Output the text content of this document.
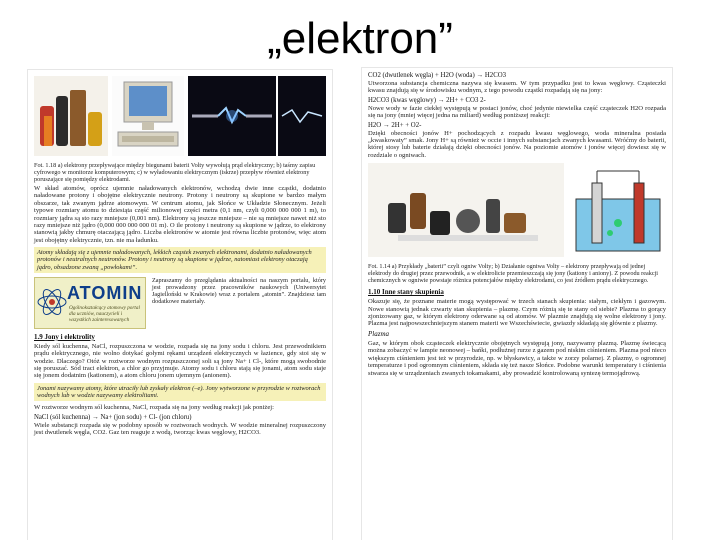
„elektron”
Fot. 1.18 a) elektrony przepływające między biegunami baterii Volty wywołują prąd elektryczny; b) taśmy zapisu cyfrowego w monitorze komputerowym; c) w wyładowaniu elektrycznym (iskrze) przepływ również elektrony poruszające się pomiędzy elektrodami.
W skład atomów, oprócz ujemnie naładowanych elektronów, wchodzą dwie inne cząstki, dodatnio naładowane protony i obojętne elektrycznie neutrony. Protony i neutrony są skupione w bardzo małym obszarze, tak zwanym jądrze atomowym. W centrum atomu, jak Słońce w Układzie Słonecznym. Jeżeli typowe rozmiary atomu to dziesiąta część milionowej części metra (0,1 nm, czyli 0,000 000 000 1 m), to rozmiary jądra są sto razy mniejsze (0,001 nm). Elektrony są jeszcze mniejsze – nie są mniejsze nawet niż sto razy mniejsze niż jądro (0,000 000 000 000 01 m). O ile protony i neutrony są skupione w jądrze, to elektrony stanowią jakby chmurę otaczającą jądro. Liczba elektronów w atomie jest równa liczbie protonów, więc atom jest obojętny elektrycznie, tzn. nie ma ładunku.
Atomy składają się z ujemnie naładowanych, lekkich cząstek zwanych elektronami, dodatnio naładowanych protonów i neutralnych neutronów. Protony i neutrony są skupione w jądrze, natomiast elektrony otaczają jądro, obsadzone zwaną „powłokami”.
ATOMIN
Ogólnokształcący atomowy portal dla uczniów, nauczycieli i wszystkich zainteresowanych
Zapraszamy do przeglądania aktualności na naszym portalu, który jest prowadzony przez pracowników naukowych (Uniwersytet Jagielloński w Krakowie) wraz z portalem „atomin”. Znajdziesz tam dodatkowe materiały.
1.9 Jony i elektrolity
Kiedy sól kuchenna, NaCl, rozpuszczona w wodzie, rozpada się na jony sodu i chloru. Jest przewodnikiem prądu elektrycznego, nie wolno dotykać gołymi rękami urządzeń elektrycznych w łazience, gdy stoi się w wodzie. Dlaczego? Otóż w roztworze wodnym rozpuszczonej soli są jony Na+ i Cl-, które mogą swobodnie się poruszać. Sód traci elektron, a chlor go przyjmuje. Atomy sodu i chloru stają się jonami, atom sodu staje się jonem dodatnim (kationem), a atom chloru jonem ujemnym (anionem).
Jonami nazywamy atomy, które utraciły lub zyskały elektron (–e). Jony wytworzone w przyrodzie w roztworach wodnych lub w wodzie nazywamy elektrolitami.
W roztworze wodnym sól kuchenna, NaCl, rozpada się na jony według reakcji jak poniżej:
NaCl (sól kuchenna) → Na+ (jon sodu) + Cl- (jon chloru)
Wiele substancji rozpada się w podobny sposób w roztworach wodnych. W wodzie mineralnej rozpuszczony jest dwutlenek węgla, CO2. Gaz ten reaguje z wodą, tworząc kwas węglowy, H2CO3.
CO2 (dwutlenek węgla) + H2O (woda) → H2CO3
Utworzona substancja chemiczna nazywa się kwasem. W tym przypadku jest to kwas węglowy. Cząsteczki kwasu znajdują się w środowisku wodnym, z tego powodu cząstki rozpadają się na jony:
H2CO3 (kwas węglowy) → 2H+ + CO3 2-
Nowe wody w fazie ciekłej występują w postaci jonów, choć jedynie niewielka część cząsteczek H2O rozpada się na jony (mniej więcej jedna na miliard) według poniższej reakcji:
H2O → 2H+ + O2-
Dzięki obecności jonów H+ pochodzących z rozpadu kwasu węglowego, woda mineralna posiada „kwaskowaty” smak. Jony H+ są również w occie i innych substancjach zwanych kwasami. Wróćmy do baterii, której stosy lub baterie działają dzięki obecności jonów. Na poziomie atomów i jonów więcej dowiesz się w rozdziale o ogniwach.
Fot. 1.14 a) Przykłady „baterii” czyli ogniw Volty; b) Działanie ogniwa Volty – elektrony przepływają od jednej elektrody do drugiej przez przewodnik, a w elektrolicie przemieszczają się jony (kationy i aniony). Z powodu reakcji chemicznych w ogniwie powstaje różnica potencjałów między elektrodami, co jest źródłem prądu elektrycznego.
1.10 Inne stany skupienia
Okazuje się, że poznane materie mogą występować w trzech stanach skupienia: stałym, ciekłym i gazowym. Nowe stanowią jednak czwarty stan skupienia – plazmę. Czym różnią się te stany od siebie? Plazma to gorący zjonizowany gaz, w którym elektrony oderwane są od atomów. W plazmie znajdują się wolne elektrony i jony. Plazma jest najpowszechniejszym stanem materii we Wszechświecie, gwiazdy składają się głównie z plazmy.
Plazma
Gaz, w którym obok cząsteczek elektrycznie obojętnych występują jony, nazywamy plazmą. Plazmę świecącą można zobaczyć w lampie neonowej – bańki, podłużnej rurze z gazem pod niskim ciśnieniem. Plazma pod nieco większym ciśnieniem jest też w przyrodzie, np. w błyskawicy, a także w zorzy polarnej. Z plazmy, o ogromnej temperaturze i pod ogromnym ciśnieniem, składa się też nasze Słońce. Podobne warunki temperatury i ciśnienia stwarza się w urządzeniach zwanych tokamakami, aby prowadzić kontrolowaną syntezę termojądrową.
